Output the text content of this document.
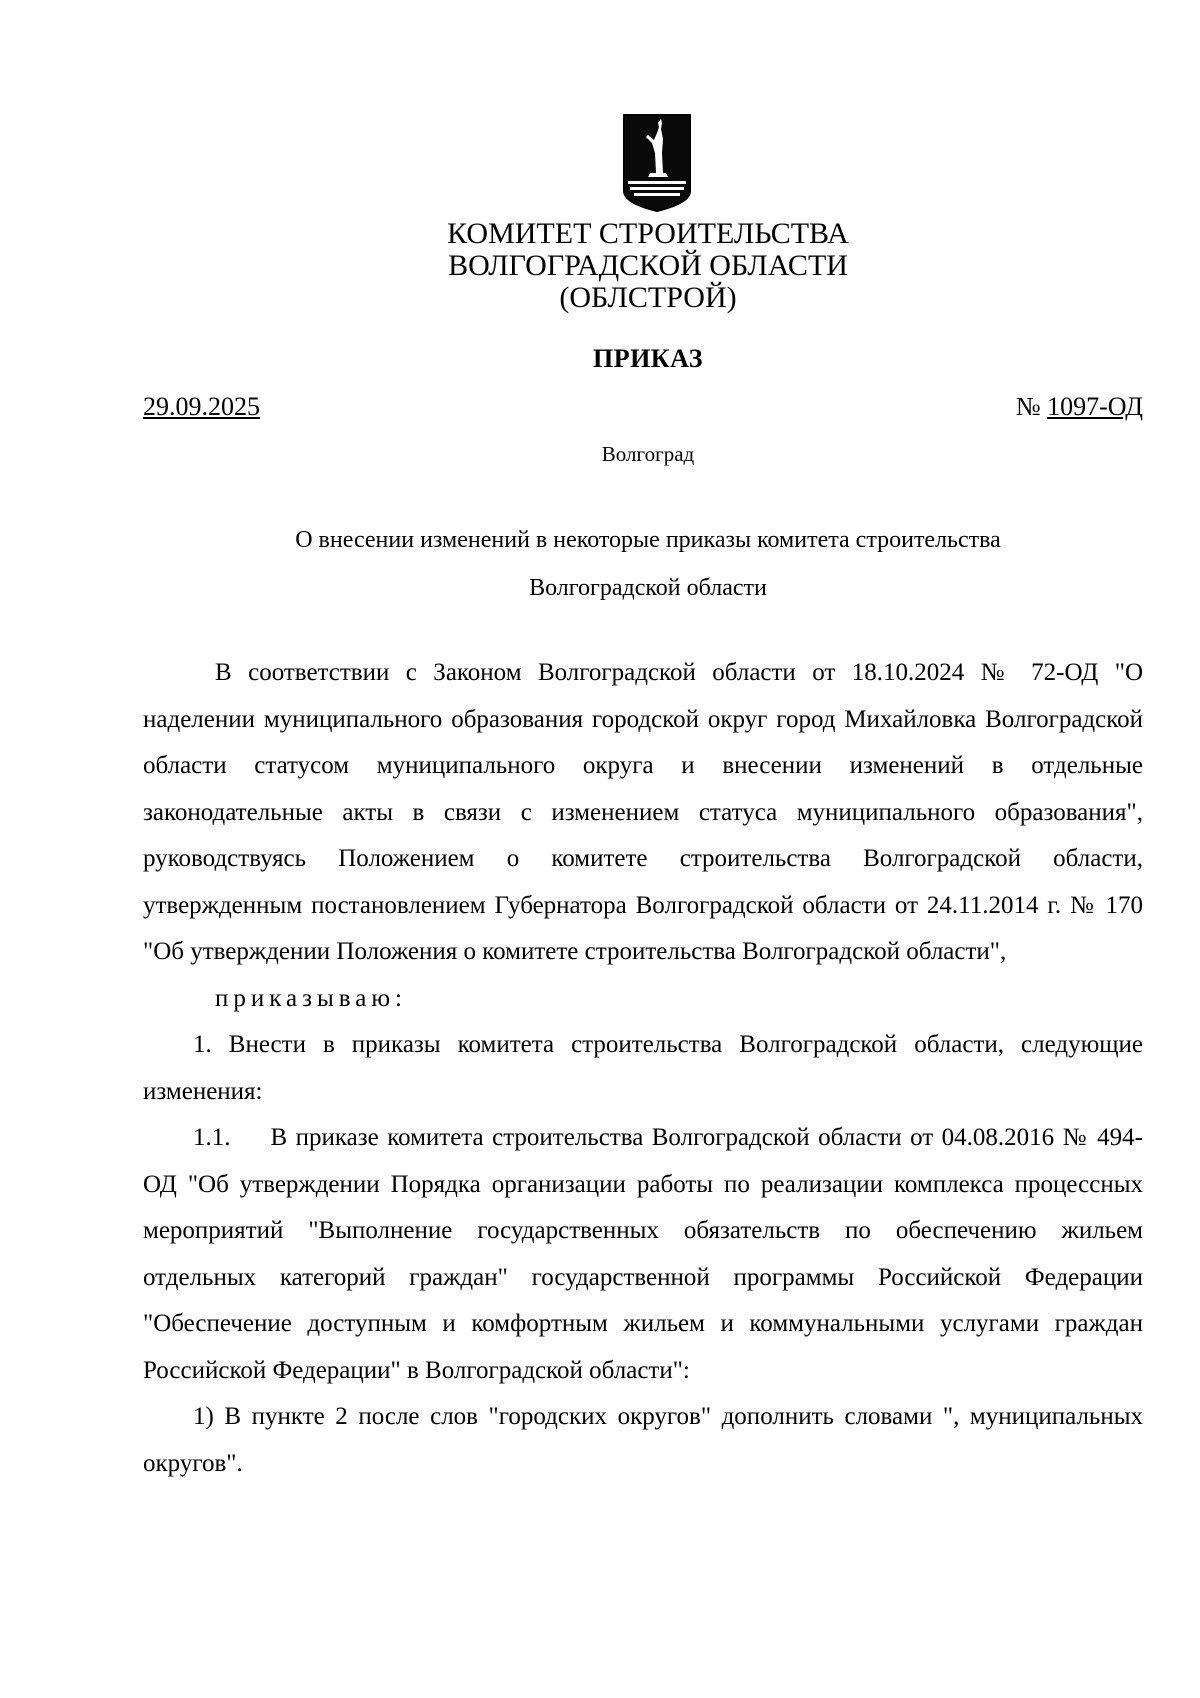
КОМИТЕТ СТРОИТЕЛЬСТВА
ВОЛГОГРАДСКОЙ ОБЛАСТИ
(ОБЛСТРОЙ)
ПРИКАЗ
29.09.2025	№ 1097-ОД
Волгоград
О внесении изменений в некоторые приказы комитета строительства
Волгоградской области

В соответствии с Законом Волгоградской области от 18.10.2024 № 72-ОД "О наделении муниципального образования городской округ город Михайловка Волгоградской области статусом муниципального округа и внесении изменений в отдельные законодательные акты в связи с изменением статуса муниципального образования", руководствуясь Положением о комитете строительства Волгоградской области, утвержденным постановлением Губернатора Волгоградской области от 24.11.2014 г. № 170 "Об утверждении Положения о комитете строительства Волгоградской области",

приказываю:

1. Внести в приказы комитета строительства Волгоградской области, следующие изменения:

1.1. В приказе комитета строительства Волгоградской области от 04.08.2016 № 494-ОД "Об утверждении Порядка организации работы по реализации комплекса процессных мероприятий "Выполнение государственных обязательств по обеспечению жильем отдельных категорий граждан" государственной программы Российской Федерации "Обеспечение доступным и комфортным жильем и коммунальными услугами граждан Российской Федерации" в Волгоградской области":

1) В пункте 2 после слов "городских округов" дополнить словами ", муниципальных округов".
